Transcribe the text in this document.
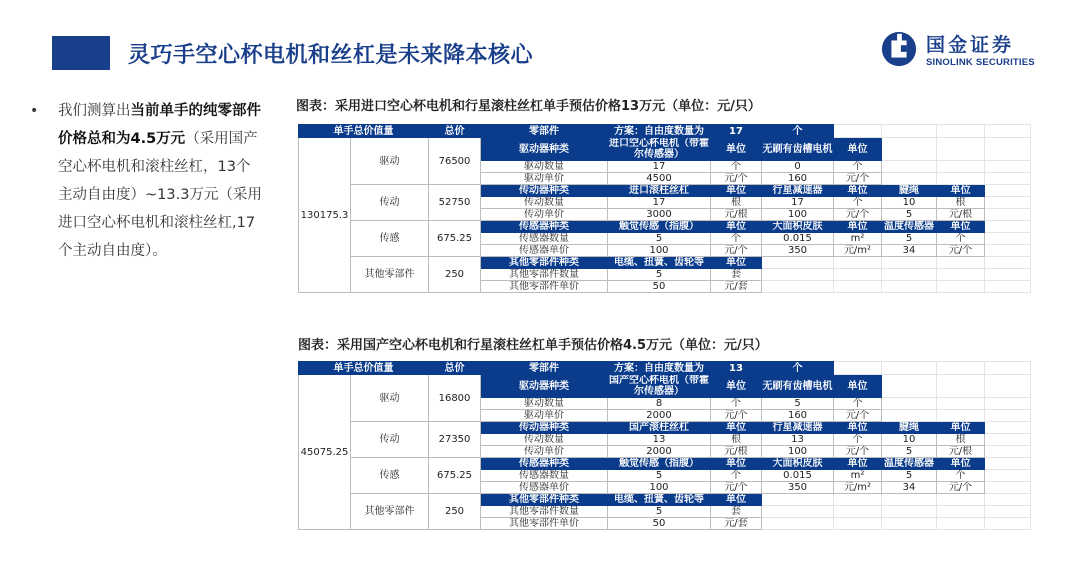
灵巧手空心杯电机和丝杠是未来降本核心	国金证券
SINOLINK SECURITIES
• 我们测算出当前单手的纯零部件价格总和为4.5万元（采用国产空心杯电机和滚柱丝杠，13个主动自由度）~13.3万元（采用进口空心杯电机和滚柱丝杠,17个主动自由度）。
图表：采用进口空心杯电机和行星滚柱丝杠单手预估价格13万元（单位：元/只）
单手总价值量		总价	零部件	方案：自由度数量为	17	个				
130175.3	驱动	76500	驱动器种类	进口空心杯电机（带霍尔传感器）	单位	无刷有齿槽电机	单位			
			驱动数量	17	个	0	个			
			驱动单价	4500	元/个	160	元/个			
	传动	52750	传动器种类	进口滚柱丝杠	单位	行星减速器	单位	腱绳	单位	
			传动数量	17	根	17	个	10	根	
			传动单价	3000	元/根	100	元/个	5	元/根	
	传感	675.25	传感器种类	触觉传感（指腹）	单位	大面积皮肤	单位	温度传感器	单位	
			传感器数量	5	个	0.015	m²	5	个	
			传感器单价	100	元/个	350	元/m²	34	元/个	
	其他零部件	250	其他零部件种类	电缆、扭簧、齿轮等	单位					
			其他零部件数量	5	套					
			其他零部件单价	50	元/套					
图表：采用国产空心杯电机和行星滚柱丝杠单手预估价格4.5万元（单位：元/只）
单手总价值量		总价	零部件	方案：自由度数量为	13	个				
45075.25	驱动	16800	驱动器种类	国产空心杯电机（带霍尔传感器）	单位	无刷有齿槽电机	单位			
			驱动数量	8	个	5	个			
			驱动单价	2000	元/个	160	元/个			
	传动	27350	传动器种类	国产滚柱丝杠	单位	行星减速器	单位	腱绳	单位	
			传动数量	13	根	13	个	10	根	
			传动单价	2000	元/根	100	元/个	5	元/根	
	传感	675.25	传感器种类	触觉传感（指腹）	单位	大面积皮肤	单位	温度传感器	单位	
			传感器数量	5	个	0.015	m²	5	个	
			传感器单价	100	元/个	350	元/m²	34	元/个	
	其他零部件	250	其他零部件种类	电缆、扭簧、齿轮等	单位					
			其他零部件数量	5	套					
			其他零部件单价	50	元/套					
